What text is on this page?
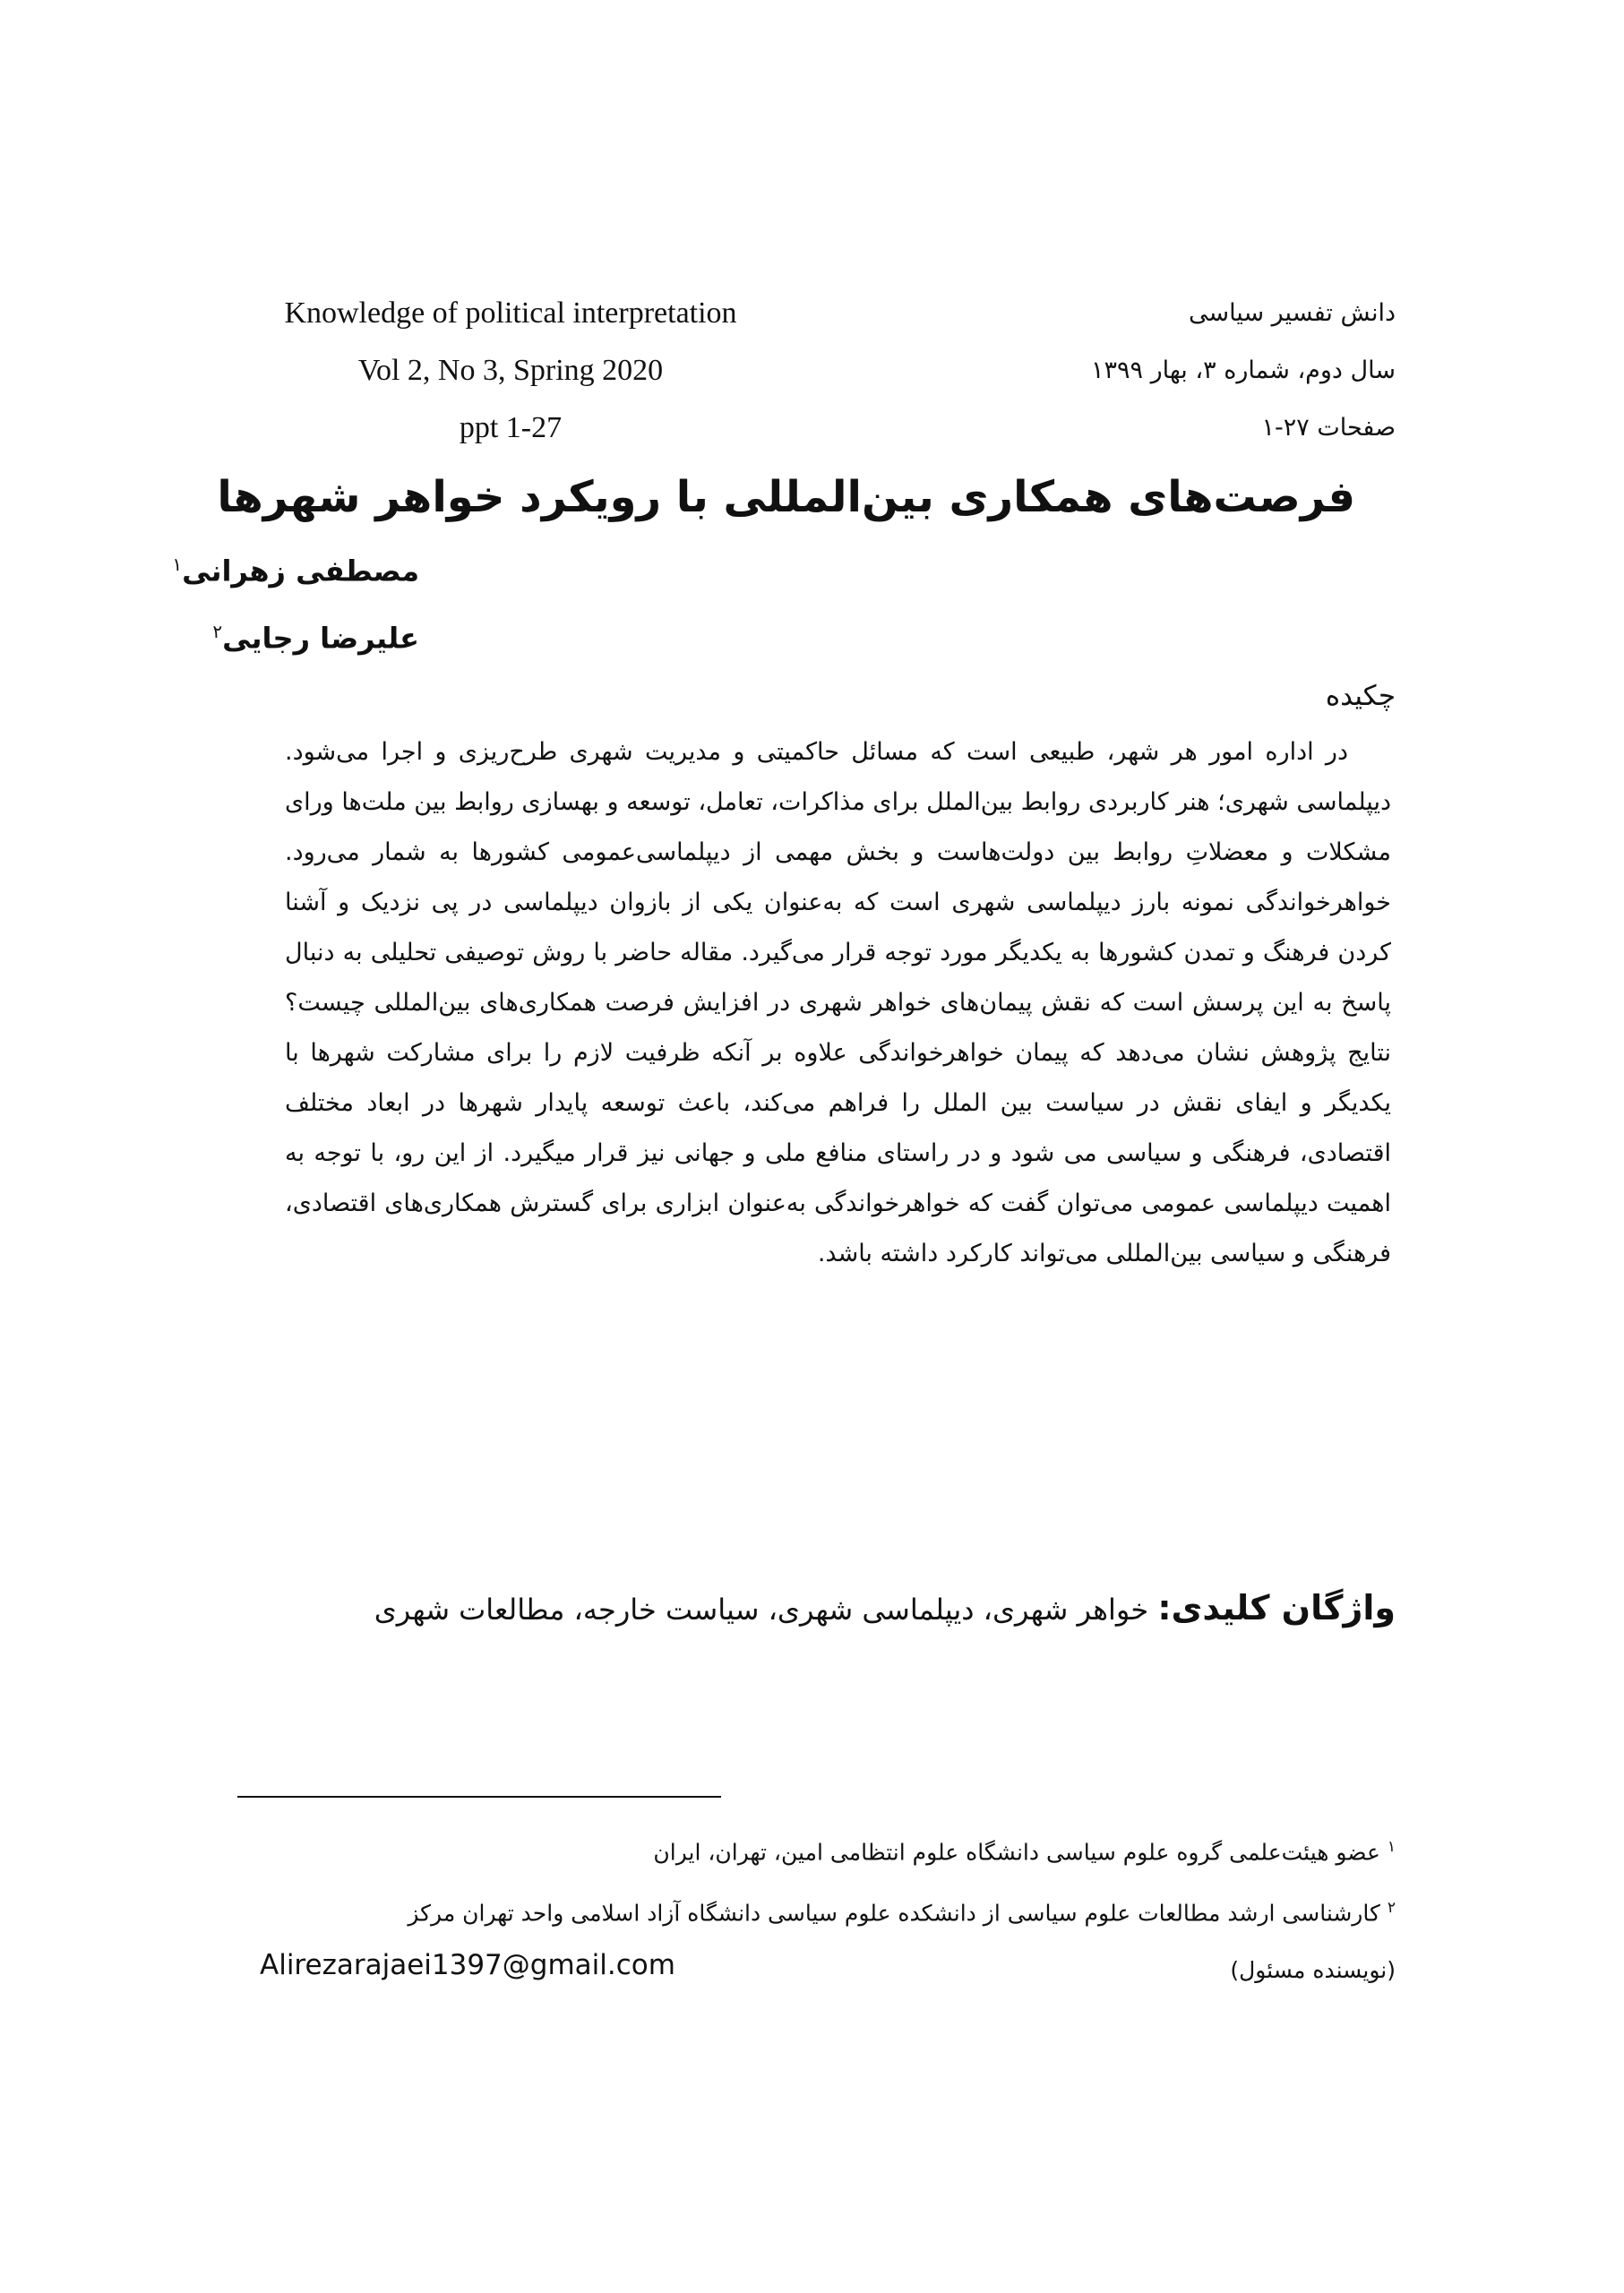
Knowledge of political interpretation
Vol 2, No 3, Spring 2020
ppt 1-27
دانش تفسیر سیاسی
سال دوم، شماره ۳، بهار ۱۳۹۹
صفحات ۲۷-۱
فرصت‌های همکاری بین‌المللی با رویکرد خواهر شهرها
مصطفی زهرانی$^۱$
علیرضا رجایی$^۲$
چکیده
در اداره امور هر شهر، طبیعی است که مسائل حاکمیتی و مدیریت شهری طرح‌ریزی و اجرا می‌شود. دیپلماسی شهری؛ هنر کاربردی روابط بین‌الملل برای مذاکرات، تعامل، توسعه و بهسازی روابط بین ملت‌ها ورای مشکلات و معضلاتِ روابط بین دولت‌هاست و بخش مهمی از دیپلماسی‌عمومی کشورها به شمار می‌رود. خواهرخواندگی نمونه بارز دیپلماسی شهری است که به‌عنوان یکی از بازوان دیپلماسی در پی نزدیک و آشنا کردن فرهنگ و تمدن کشورها به یکدیگر مورد توجه قرار می‌گیرد. مقاله حاضر با روش توصیفی تحلیلی به دنبال پاسخ به این پرسش است که نقش پیمان‌های خواهر شهری در افزایش فرصت همکاری‌های بین‌المللی چیست؟ نتایج پژوهش نشان می‌دهد که پیمان خواهرخواندگی علاوه بر آنکه ظرفیت لازم را برای مشارکت شهرها با یکدیگر و ایفای نقش در سیاست بین الملل را فراهم می‌کند، باعث توسعه پایدار شهرها در ابعاد مختلف اقتصادی، فرهنگی و سیاسی می شود و در راستای منافع ملی و جهانی نیز قرار میگیرد. از این رو، با توجه به اهمیت دیپلماسی عمومی می‌توان گفت که خواهرخواندگی به‌عنوان ابزاری برای گسترش همکاری‌های اقتصادی، فرهنگی و سیاسی بین‌المللی می‌تواند کارکرد داشته باشد.
واژگان کلیدی: خواهر شهری، دیپلماسی شهری، سیاست خارجه، مطالعات شهری
$^۱$ عضو هیئت‌علمی گروه علوم سیاسی دانشگاه علوم انتظامی امین، تهران، ایران
$^۲$ کارشناسی ارشد مطالعات علوم سیاسی از دانشکده علوم سیاسی دانشگاه آزاد اسلامی واحد تهران مرکز
(نویسنده مسئول)
Alirezarajaei1397@gmail.com
